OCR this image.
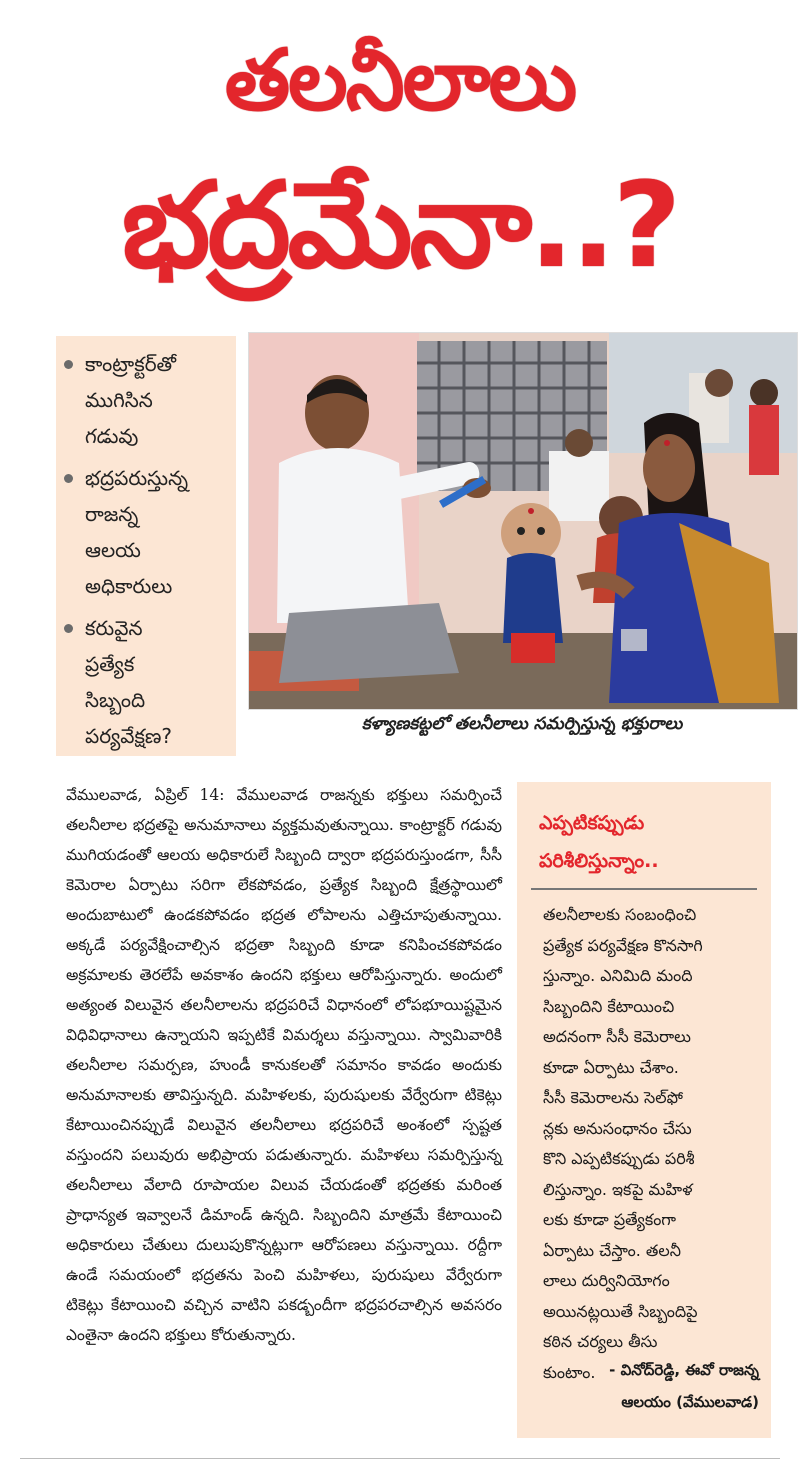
తలనీలాలు
భద్రమేనా..?
కాంట్రాక్టర్‌తో
ముగిసిన
గడువు
భద్రపరుస్తున్న
రాజన్న
ఆలయ
అధికారులు
కరువైన
ప్రత్యేక
సిబ్బంది
పర్యవేక్షణ?	కళ్యాణకట్టలో తలనీలాలు సమర్పిస్తున్న భక్తురాలు
వేములవాడ, ఏప్రిల్ 14: వేములవాడ రాజన్నకు భక్తులు సమర్పించే తలనీలాల భద్రతపై అనుమానాలు వ్యక్తమవుతున్నాయి. కాంట్రాక్టర్ గడువు ముగియడంతో ఆలయ అధికారులే సిబ్బంది ద్వారా భద్రపరుస్తుండగా, సీసీ కెమెరాల ఏర్పాటు సరిగా లేకపోవడం, ప్రత్యేక సిబ్బంది క్షేత్రస్థాయిలో అందుబాటులో ఉండకపోవడం భద్రత లోపాలను ఎత్తిచూపుతున్నాయి. అక్కడే పర్యవేక్షించాల్సిన భద్రతా సిబ్బంది కూడా కనిపించకపోవడం అక్రమాలకు తెరలేపే అవకాశం ఉందని భక్తులు ఆరోపిస్తున్నారు. అందులో అత్యంత విలువైన తలనీలాలను భద్రపరిచే విధానంలో లోపభూయిష్టమైన విధివిధానాలు ఉన్నాయని ఇప్పటికే విమర్శలు వస్తున్నాయి. స్వామివారికి తలనీలాల సమర్పణ, హుండీ కానుకలతో సమానం కావడం అందుకు అనుమానాలకు తావిస్తున్నది. మహిళలకు, పురుషులకు వేర్వేరుగా టికెట్లు కేటాయించినప్పుడే విలువైన తలనీలాలు భద్రపరిచే అంశంలో స్పష్టత వస్తుందని పలువురు అభిప్రాయ పడుతున్నారు. మహిళలు సమర్పిస్తున్న తలనీలాలు వేలాది రూపాయల విలువ చేయడంతో భద్రతకు మరింత ప్రాధాన్యత ఇవ్వాలనే డిమాండ్ ఉన్నది. సిబ్బందిని మాత్రమే కేటాయించి అధికారులు చేతులు దులుపుకొన్నట్లుగా ఆరోపణలు వస్తున్నాయి. రద్దీగా ఉండే సమయంలో భద్రతను పెంచి మహిళలు, పురుషులు వేర్వేరుగా టికెట్లు కేటాయించి వచ్చిన వాటిని పకడ్బందీగా భద్రపరచాల్సిన అవసరం ఎంతైనా ఉందని భక్తులు కోరుతున్నారు.
ఎప్పటికప్పుడు
పరిశీలిస్తున్నాం..
తలనీలాలకు సంబంధించి
ప్రత్యేక పర్యవేక్షణ కొనసాగి
స్తున్నాం. ఎనిమిది మంది
సిబ్బందిని కేటాయించి
అదనంగా సీసీ కెమెరాలు
కూడా ఏర్పాటు చేశాం.
సీసీ కెమెరాలను సెల్‌ఫో
న్లకు అనుసంధానం చేసు
కొని ఎప్పటికప్పుడు పరిశీ
లిస్తున్నాం. ఇకపై మహిళ
లకు కూడా ప్రత్యేకంగా
ఏర్పాటు చేస్తాం. తలనీ
లాలు దుర్వినియోగం
అయినట్లయితే సిబ్బందిపై
కఠిన చర్యలు తీసు
కుంటాం. - వినోద్‌రెడ్డి, ఈవో రాజన్న
ఆలయం (వేములవాడ)
